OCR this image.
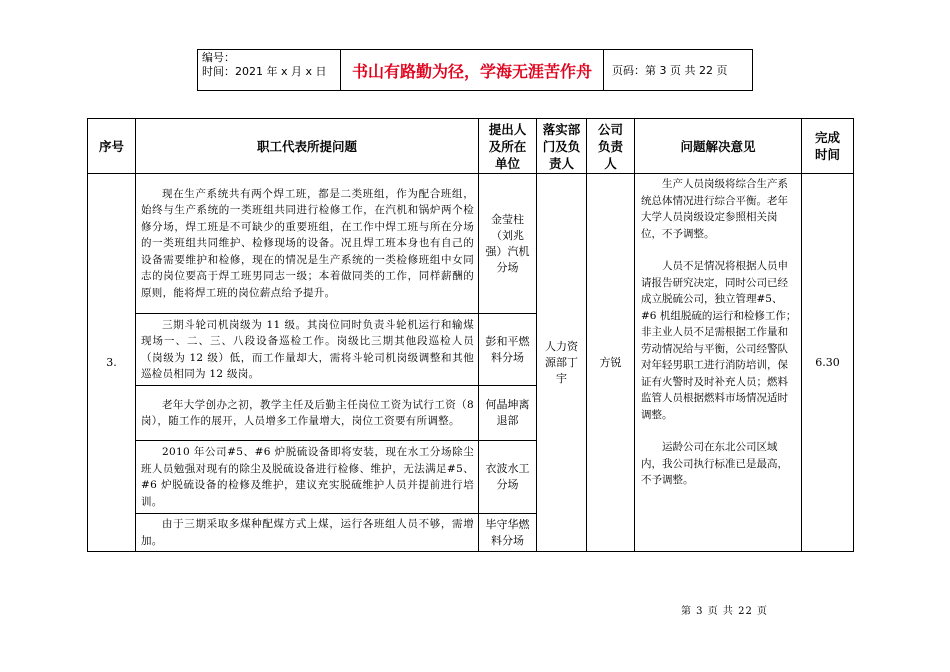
编号：
时间：2021 年 x 月 x 日	书山有路勤为径，学海无涯苦作舟	页码：第 3 页 共 22 页
序号	职工代表所提问题	提出人及所在单位	落实部门及负责人	公司负责人	问题解决意见	完成时间
3.	现在生产系统共有两个焊工班，都是二类班组，作为配合班组，始终与生产系统的一类班组共同进行检修工作，在汽机和锅炉两个检修分场，焊工班是不可缺少的重要班组，在工作中焊工班与所在分场的一类班组共同维护、检修现场的设备。况且焊工班本身也有自己的设备需要维护和检修，现在的情况是生产系统的一类检修班组中女同志的岗位要高于焊工班男同志一级；本着做同类的工作，同样薪酬的原则，能将焊工班的岗位薪点给予提升。	金莹柱（刘兆强）汽机分场	人力资源部丁宇	方锐	生产人员岗级将综合生产系统总体情况进行综合平衡。老年大学人员岗级设定参照相关岗位，不予调整。

人员不足情况将根据人员申请报告研究决定，同时公司已经成立脱硫公司，独立管理#5、#6 机组脱硫的运行和检修工作；非主业人员不足需根据工作量和劳动情况给与平衡，公司经警队对年轻男职工进行消防培训，保证有火警时及时补充人员；燃料监管人员根据燃料市场情况适时调整。

运龄公司在东北公司区域内，我公司执行标准已是最高，不予调整。	6.30
	三期斗轮司机岗级为 11 级。其岗位同时负责斗轮机运行和输煤现场一、二、三、八段设备巡检工作。岗级比三期其他段巡检人员（岗级为 12 级）低，而工作量却大，需将斗轮司机岗级调整和其他巡检员相同为 12 级岗。	彭和平燃料分场				
	老年大学创办之初，教学主任及后勤主任岗位工资为试行工资（8 岗），随工作的展开，人员增多工作量增大，岗位工资要有所调整。	何晶坤离退部				
	2010 年公司#5、#6 炉脱硫设备即将安装，现在水工分场除尘班人员勉强对现有的除尘及脱硫设备进行检修、维护，无法满足#5、#6 炉脱硫设备的检修及维护，建议充实脱硫维护人员并提前进行培训。	衣波水工分场				
	由于三期采取多煤种配煤方式上煤，运行各班组人员不够，需增加。	毕守华燃料分场				
第 3 页 共 22 页
